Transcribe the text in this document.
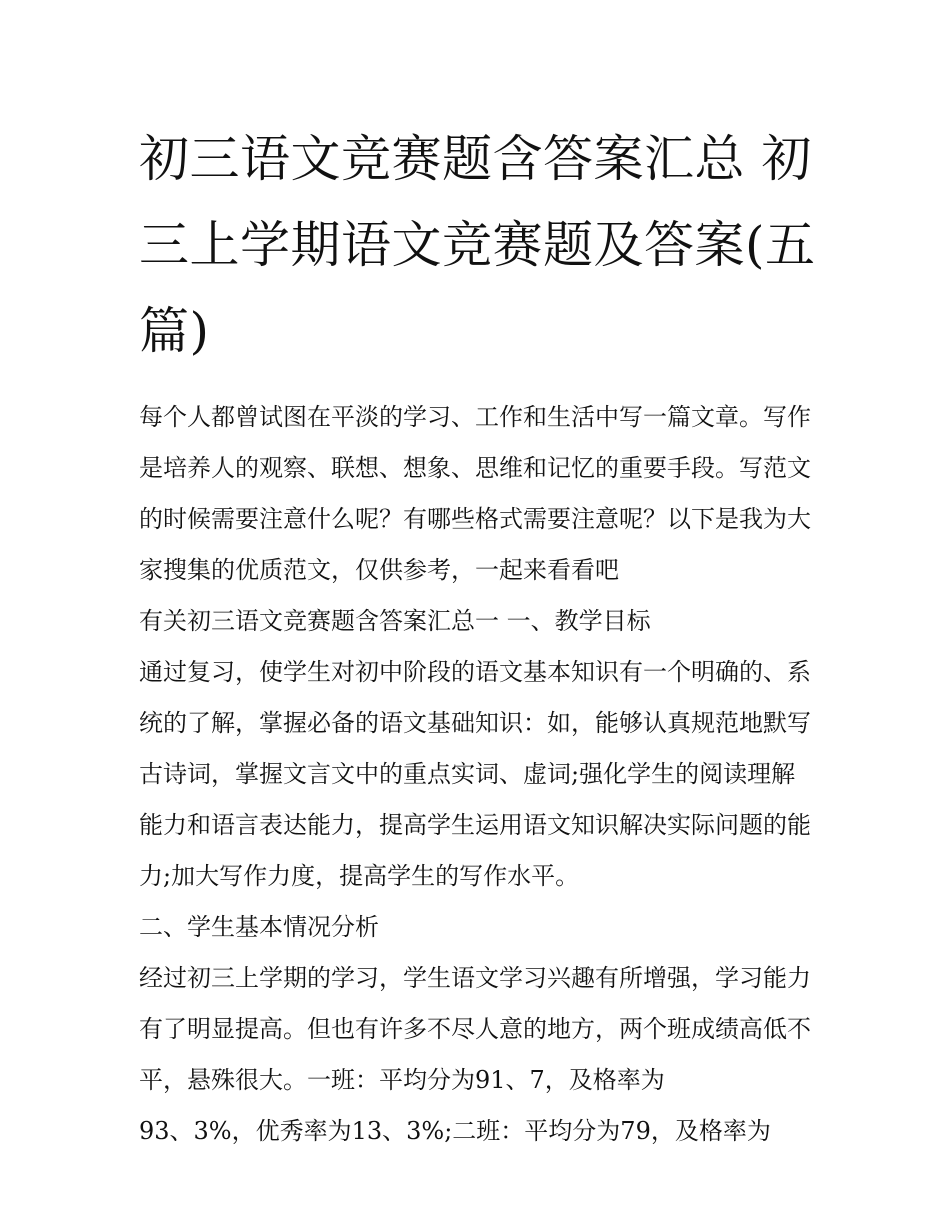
初三语文竞赛题含答案汇总 初三上学期语文竞赛题及答案(五篇)

每个人都曾试图在平淡的学习、工作和生活中写一篇文章。写作是培养人的观察、联想、想象、思维和记忆的重要手段。写范文的时候需要注意什么呢？有哪些格式需要注意呢？以下是我为大家搜集的优质范文，仅供参考，一起来看看吧

有关初三语文竞赛题含答案汇总一 一、教学目标

通过复习，使学生对初中阶段的语文基本知识有一个明确的、系统的了解，掌握必备的语文基础知识：如，能够认真规范地默写古诗词，掌握文言文中的重点实词、虚词;强化学生的阅读理解能力和语言表达能力，提高学生运用语文知识解决实际问题的能力;加大写作力度，提高学生的写作水平。

二、学生基本情况分析

经过初三上学期的学习，学生语文学习兴趣有所增强，学习能力有了明显提高。但也有许多不尽人意的地方，两个班成绩高低不平，悬殊很大。一班：平均分为91、7，及格率为

93、3%，优秀率为13、3%;二班：平均分为79，及格率为
